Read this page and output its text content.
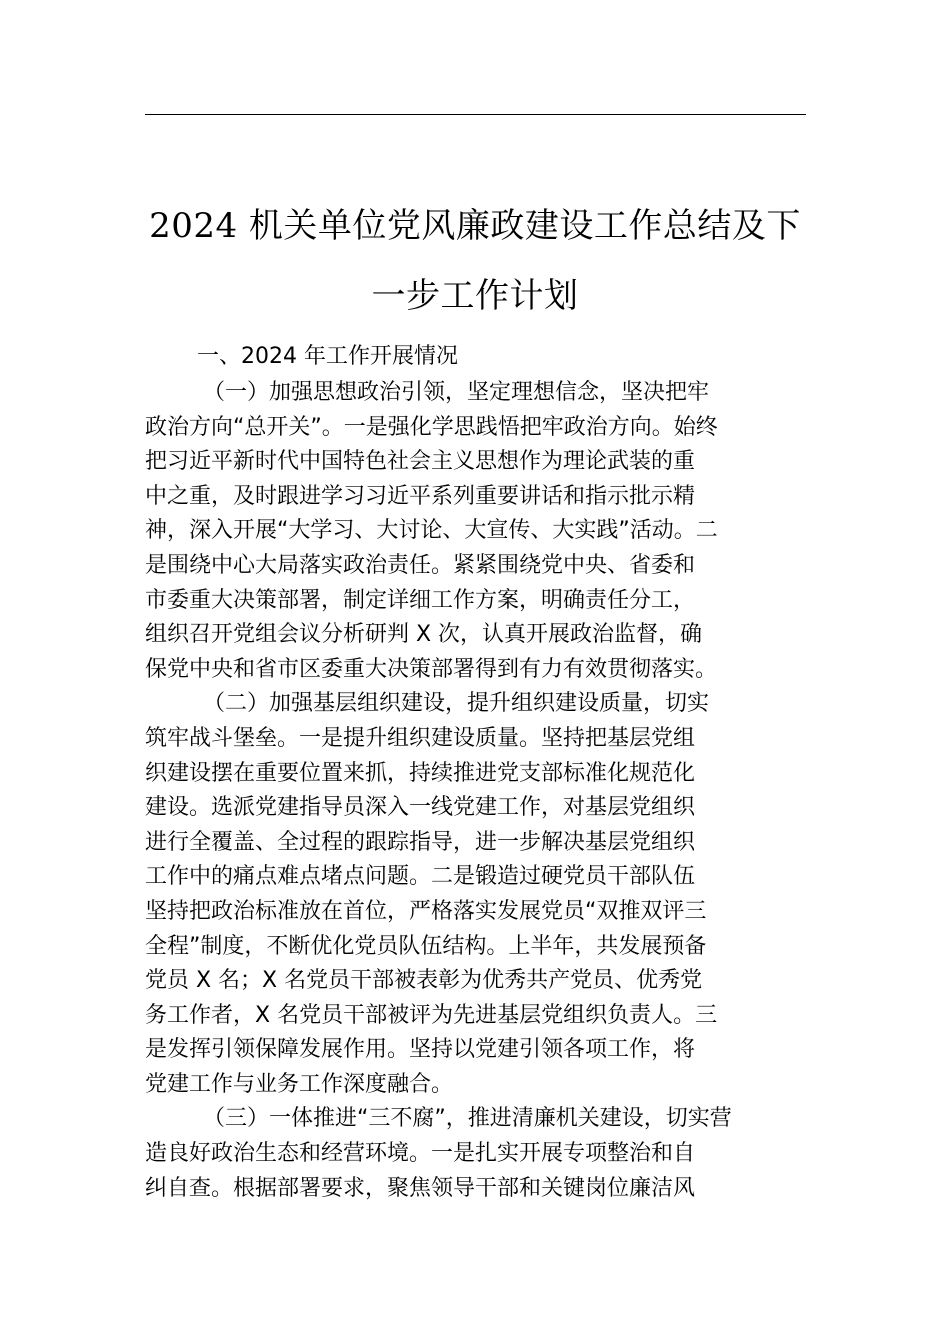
2024 机关单位党风廉政建设工作总结及下
一步工作计划
一、2024 年工作开展情况

（一）加强思想政治引领，坚定理想信念，坚决把牢
政治方向“总开关”。一是强化学思践悟把牢政治方向。始终
把习近平新时代中国特色社会主义思想作为理论武装的重
中之重，及时跟进学习习近平系列重要讲话和指示批示精
神，深入开展“大学习、大讨论、大宣传、大实践”活动。二
是围绕中心大局落实政治责任。紧紧围绕党中央、省委和
市委重大决策部署，制定详细工作方案，明确责任分工，
组织召开党组会议分析研判 X 次，认真开展政治监督，确
保党中央和省市区委重大决策部署得到有力有效贯彻落实。

（二）加强基层组织建设，提升组织建设质量，切实
筑牢战斗堡垒。一是提升组织建设质量。坚持把基层党组
织建设摆在重要位置来抓，持续推进党支部标准化规范化
建设。选派党建指导员深入一线党建工作，对基层党组织
进行全覆盖、全过程的跟踪指导，进一步解决基层党组织
工作中的痛点难点堵点问题。二是锻造过硬党员干部队伍
坚持把政治标准放在首位，严格落实发展党员“双推双评三
全程”制度，不断优化党员队伍结构。上半年，共发展预备
党员 X 名；X 名党员干部被表彰为优秀共产党员、优秀党
务工作者，X 名党员干部被评为先进基层党组织负责人。三
是发挥引领保障发展作用。坚持以党建引领各项工作，将
党建工作与业务工作深度融合。

（三）一体推进“三不腐”，推进清廉机关建设，切实营
造良好政治生态和经营环境。一是扎实开展专项整治和自
纠自查。根据部署要求，聚焦领导干部和关键岗位廉洁风
